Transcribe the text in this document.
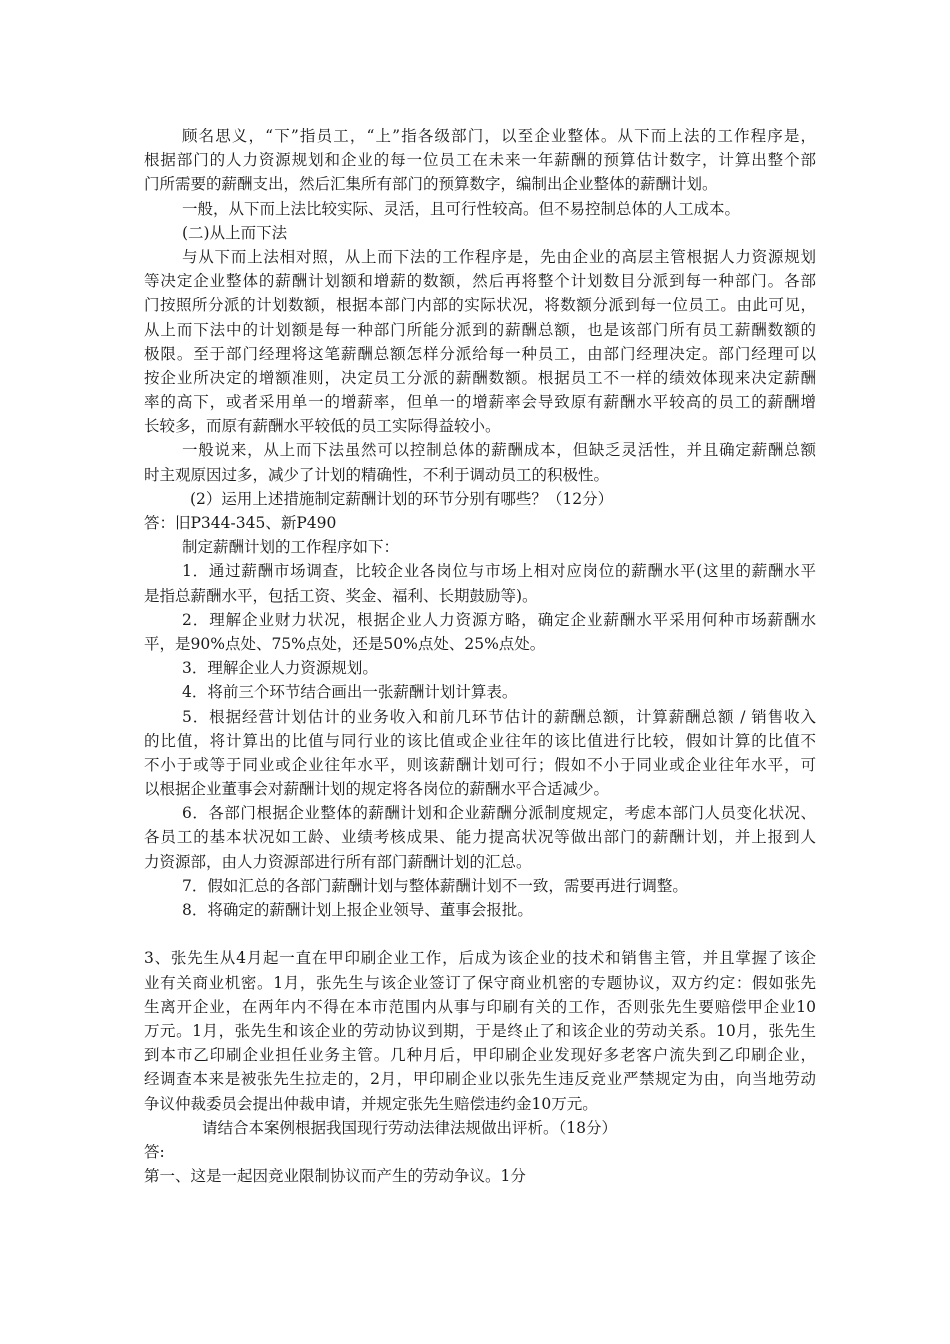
顾名思义，“下”指员工，“上”指各级部门，以至企业整体。从下而上法的工作程序是，

根据部门的人力资源规划和企业的每一位员工在未来一年薪酬的预算估计数字，计算出整个部

门所需要的薪酬支出，然后汇集所有部门的预算数字，编制出企业整体的薪酬计划。

一般，从下而上法比较实际、灵活，且可行性较高。但不易控制总体的人工成本。

(二)从上而下法

与从下而上法相对照，从上而下法的工作程序是，先由企业的高层主管根据人力资源规划

等决定企业整体的薪酬计划额和增薪的数额，然后再将整个计划数目分派到每一种部门。各部

门按照所分派的计划数额，根据本部门内部的实际状况，将数额分派到每一位员工。由此可见，

从上而下法中的计划额是每一种部门所能分派到的薪酬总额，也是该部门所有员工薪酬数额的

极限。至于部门经理将这笔薪酬总额怎样分派给每一种员工，由部门经理决定。部门经理可以

按企业所决定的增额准则，决定员工分派的薪酬数额。根据员工不一样的绩效体现来决定薪酬

率的高下，或者采用单一的增薪率，但单一的增薪率会导致原有薪酬水平较高的员工的薪酬增

长较多，而原有薪酬水平较低的员工实际得益较小。

一般说来，从上而下法虽然可以控制总体的薪酬成本，但缺乏灵活性，并且确定薪酬总额

时主观原因过多，减少了计划的精确性，不利于调动员工的积极性。

(2）运用上述措施制定薪酬计划的环节分别有哪些？（12分）

答：旧P344-345、新P490

制定薪酬计划的工作程序如下：

1．通过薪酬市场调查，比较企业各岗位与市场上相对应岗位的薪酬水平(这里的薪酬水平

是指总薪酬水平，包括工资、奖金、福利、长期鼓励等)。

2．理解企业财力状况，根据企业人力资源方略，确定企业薪酬水平采用何种市场薪酬水

平，是90%点处、75%点处，还是50%点处、25%点处。

3．理解企业人力资源规划。

4．将前三个环节结合画出一张薪酬计划计算表。

5．根据经营计划估计的业务收入和前几环节估计的薪酬总额，计算薪酬总额 / 销售收入

的比值，将计算出的比值与同行业的该比值或企业往年的该比值进行比较，假如计算的比值不

不小于或等于同业或企业往年水平，则该薪酬计划可行；假如不小于同业或企业往年水平，可

以根据企业董事会对薪酬计划的规定将各岗位的薪酬水平合适减少。

6．各部门根据企业整体的薪酬计划和企业薪酬分派制度规定，考虑本部门人员变化状况、

各员工的基本状况如工龄、业绩考核成果、能力提高状况等做出部门的薪酬计划，并上报到人

力资源部，由人力资源部进行所有部门薪酬计划的汇总。

7．假如汇总的各部门薪酬计划与整体薪酬计划不一致，需要再进行调整。

8．将确定的薪酬计划上报企业领导、董事会报批。

3、张先生从4月起一直在甲印刷企业工作，后成为该企业的技术和销售主管，并且掌握了该企

业有关商业机密。1月，张先生与该企业签订了保守商业机密的专题协议，双方约定：假如张先

生离开企业，在两年内不得在本市范围内从事与印刷有关的工作，否则张先生要赔偿甲企业10

万元。1月，张先生和该企业的劳动协议到期，于是终止了和该企业的劳动关系。10月，张先生

到本市乙印刷企业担任业务主管。几种月后，甲印刷企业发现好多老客户流失到乙印刷企业，

经调查本来是被张先生拉走的，2月，甲印刷企业以张先生违反竞业严禁规定为由，向当地劳动

争议仲裁委员会提出仲裁申请，并规定张先生赔偿违约金10万元。

请结合本案例根据我国现行劳动法律法规做出评析。（18分）

答:

第一、这是一起因竞业限制协议而产生的劳动争议。1分
